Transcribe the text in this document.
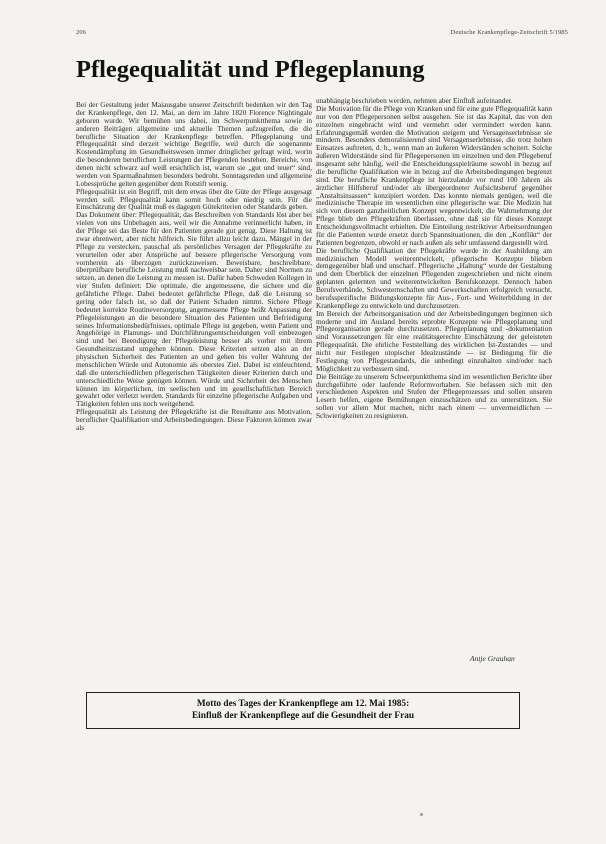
206	Deutsche Krankenpflege-Zeitschrift 5/1985
Pflegequalität und Pflegeplanung

Bei der Gestaltung jeder Maiausgabe unserer Zeitschrift bedenken wir den Tag der Krankenpflege, den 12. Mai, an dem im Jahre 1820 Florence Nightingale geboren wurde. Wir bemühen uns dabei, im Schwerpunktthema sowie in anderen Beiträgen allgemeine und aktuelle Themen aufzugreifen, die die berufliche Situation der Krankenpflege betreffen. Pflegeplanung und Pflegequalität sind derzeit wichtige Begriffe, weil durch die sogenannte Kostendämpfung im Gesundheitswesen immer dringlicher gefragt wird, worin die besonderen beruflichen Leistungen der Pflegenden bestehen. Bereiche, von denen nicht schwarz auf weiß ersichtlich ist, warum sie „gut und teuer“ sind, werden von Sparmaßnahmen besonders bedroht. Sonntagsreden und allgemeine Lobessprüche gelten gegenüber dem Rotstift wenig.

Pflegequalität ist ein Begriff, mit dem etwas über die Güte der Pflege ausgesagt werden soll. Pflegequalität kann somit hoch oder niedrig sein. Für die Einschätzung der Qualität muß es dagegen Gütekriterien oder Standards geben.

Das Dokument über: Pflegequalität, das Beschreiben von Standards löst aber bei vielen von uns Unbehagen aus, weil wir die Annahme verinnerlicht haben, in der Pflege sei das Beste für den Patienten gerade gut genug. Diese Haltung ist zwar ehrenwert, aber nicht hilfreich. Sie führt allzu leicht dazu, Mängel in der Pflege zu verstecken, pauschal als persönliches Versagen der Pflegekräfte zu verurteilen oder aber Ansprüche auf bessere pflegerische Versorgung vom vornherein als überzogen zurückzuweisen. Beweisbare, beschreibbare, überprüfbare berufliche Leistung muß nachweisbar sein. Daher sind Normen zu setzen, an denen die Leistung zu messen ist. Dafür haben Schweden Kollegen in vier Stufen definiert: Die optimale, die angemessene, die sichere und die gefährliche Pflege. Dabei bedeutet gefährliche Pflege, daß die Leistung so gering oder falsch ist, so daß der Patient Schaden nimmt. Sichere Pflege bedeutet korrekte Routineversorgung, angemessene Pflege heißt Anpassung der Pflegeleistungen an die besondere Situation des Patienten und Befriedigung seines Informationsbedürfnisses, optimale Pflege ist gegeben, wenn Patient und Angehörige in Planungs- und Durchführungsentscheidungen voll einbezogen sind und bei Beendigung der Pflegeleistung besser als vorher mit ihrem Gesundheitszustand umgehen können. Diese Kriterien setzen also an der physischen Sicherheit des Patienten an und gehen bis voller Wahrung der menschlichen Würde und Autonomie als oberstes Ziel. Dabei ist einleuchtend, daß die unterschiedlichen pflegerischen Tätigkeiten dieser Kriterien durch und unterschiedliche Weise genügen können. Würde und Sicherheit des Menschen können im körperlichen, im seelischen und im gesellschaftlichen Bereich gewahrt oder verletzt werden. Standards für einzelne pflegerische Aufgaben und Tätigkeiten fehlen uns noch weitgehend.

Pflegequalität als Leistung der Pflegekräfte ist die Resultante aus Motivation, beruflicher Qualifikation und Arbeitsbedingungen. Diese Faktoren können zwar als

unabhängig beschrieben werden, nehmen aber Einfluß aufeinander.

Die Motivation für die Pflege von Kranken und für eine gute Pflegequalität kann nur von den Pflegepersonen selbst ausgehen. Sie ist das Kapital, das von den einzelnen eingebracht wird und vermehrt oder vermindert werden kann. Erfahrungsgemäß werden die Motivation steigern und Versagenserlebnisse sie mindern. Besonders demoralisierend sind Versagenserlebnisse, die trotz hohen Einsatzes auftreten, d. h., wenn man an äußeren Widerständen scheitert. Solche äußeren Widerstände sind für Pflegepersonen im einzelnen und den Pflegeberuf insgesamt sehr häufig, weil die Entscheidungsspielräume sowohl in bezug auf die berufliche Qualifikation wie in bezug auf die Arbeitsbedingungen begrenzt sind. Die berufliche Krankenpflege ist hierzulande vor rund 100 Jahren als ärztlicher Hilfsberuf und/oder als übergeordneter Aufsichtsberuf gegenüber „Anstaltsinsassen“ konzipiert worden. Das konnte niemals genügen, weil die medizinische Therapie im wesentlichen eine pflegerische war. Die Medizin hat sich von diesem ganzheitlichen Konzept wegentwickelt, die Wahrnehmung der Pflege blieb den Pflegekräften überlassen, ohne daß sie für dieses Konzept Entscheidungsvollmacht erhielten. Die Einteilung restriktiver Arbeitsordnungen für die Patienten wurde ersetzt durch Spannsituationen, die den „Konflikt“ der Patienten begrenzen, obwohl er nach außen als sehr umfassend dargestellt wird.

Die berufliche Qualifikation der Pflegekräfte wurde in der Ausbildung am medizinischen Modell weiterentwickelt, pflegerische Konzepte blieben demgegenüber blaß und unscharf. Pflegerische „Haltung“ wurde der Gestaltung und dem Überblick der einzelnen Pflegenden zugeschrieben und nicht einem geplanten gelernten und weiterentwickelten Berufskonzept. Dennoch haben Berufsverbände, Schwesternschaften und Gewerkschaften erfolgreich versucht, berufsspezifische Bildungskonzepte für Aus-, Fort- und Weiterbildung in der Krankenpflege zu entwickeln und durchzusetzen.

Im Bereich der Arbeitsorganisation und der Arbeitsbedingungen beginnen sich moderne und im Ausland bereits erprobte Konzepte wie Pflegeplanung und Pflegeorganisation gerade durchzusetzen. Pflegeplanung und -dokumentation sind Voraussetzungen für eine realitätsgerechte Einschätzung der geleisteten Pflegequalität. Die ehrliche Feststellung des wirklichen Ist-Zustandes — und nicht nur Festlegen utopischer Idealzustände — ist Bedingung für die Festlegung von Pflegestandards, die unbedingt einzuhalten sind/oder nach Möglichkeit zu verbessern sind.

Die Beiträge zu unserem Schwerpunktthema sind im wesentlichen Berichte über durchgeführte oder laufende Reformvorhaben. Sie befassen sich mit den verschiedenen Aspekten und Stufen der Pflegeprozesses und sollen unseren Lesern helfen, eigene Bemühungen einzuschätzen und zu unterstützen. Sie sollen vor allem Mut machen, nicht nach einem — unvermeidlichen — Schwierigkeiten zu resignieren.

Antje Grauhan
Motto des Tages der Krankenpflege am 12. Mai 1985:
Einfluß der Krankenpflege auf die Gesundheit der Frau
